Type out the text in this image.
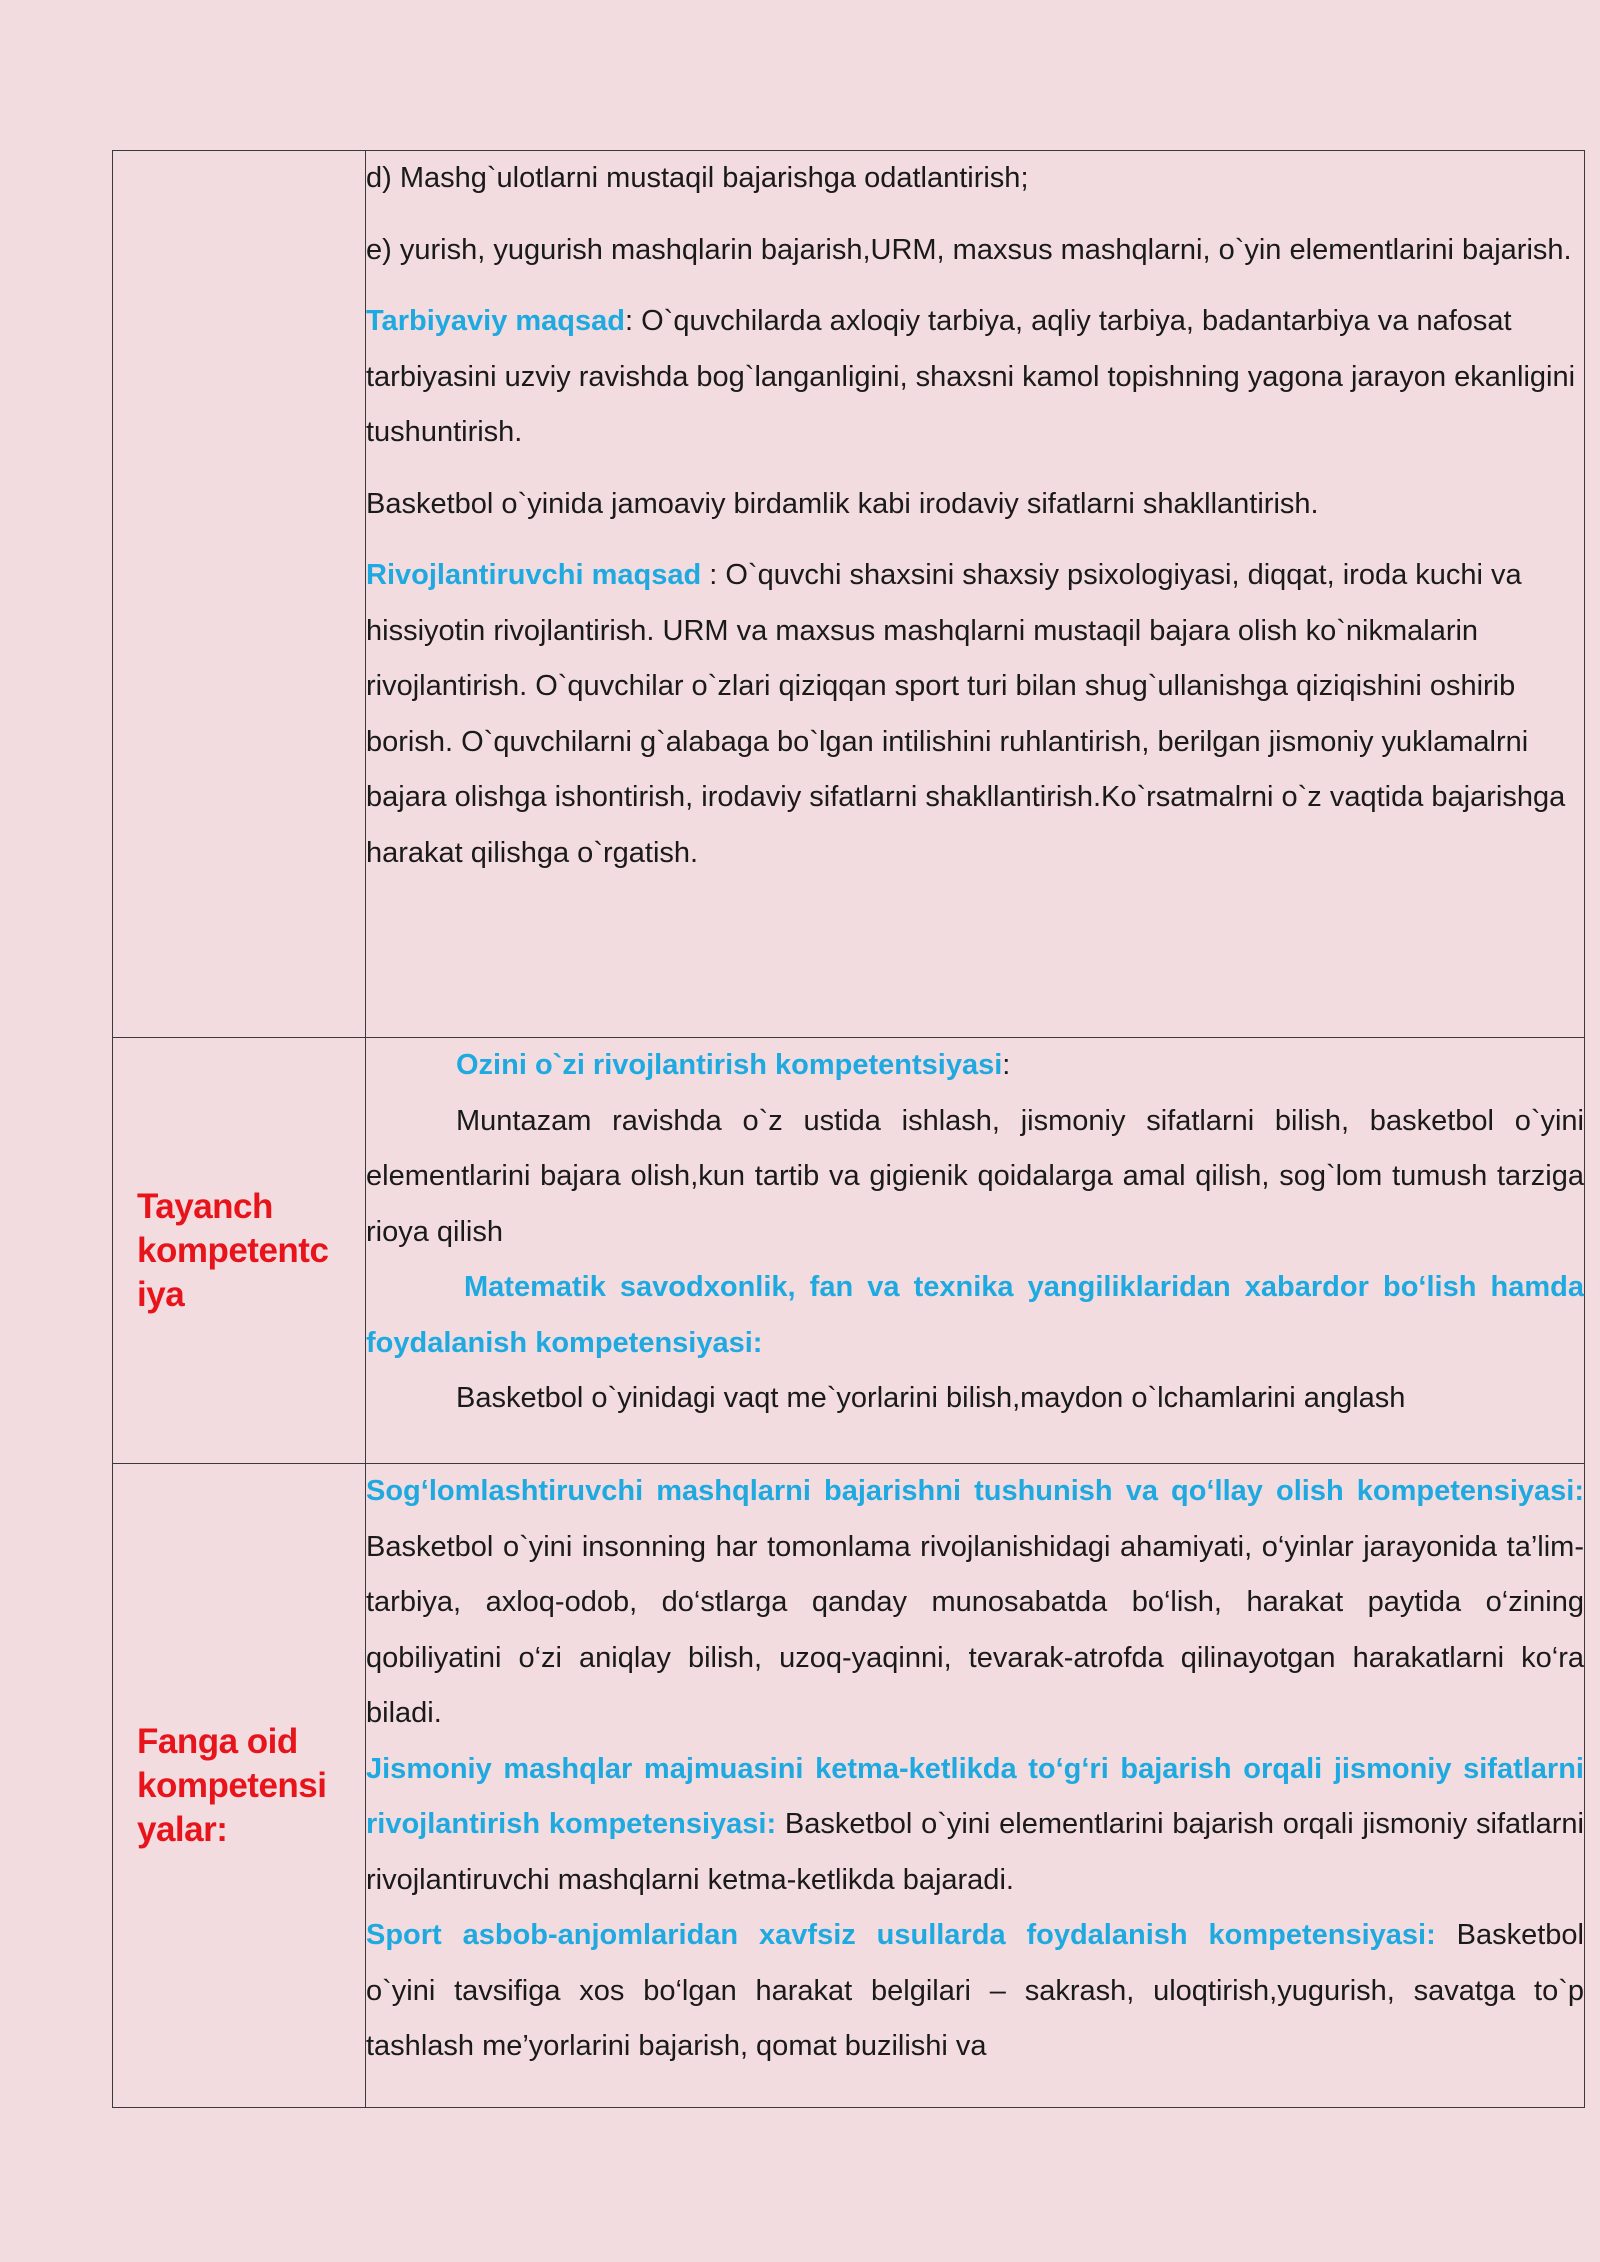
	d) Mashg`ulotlarni mustaqil bajarishga odatlantirish;

e) yurish, yugurish mashqlarin bajarish,URM, maxsus mashqlarni, o`yin elementlarini bajarish.

Tarbiyaviy maqsad: O`quvchilarda axloqiy tarbiya, aqliy tarbiya, badantarbiya va nafosat tarbiyasini uzviy ravishda bog`langanligini, shaxsni kamol topishning yagona jarayon ekanligini tushuntirish.

Basketbol o`yinida jamoaviy birdamlik kabi irodaviy sifatlarni shakllantirish.

Rivojlantiruvchi maqsad : O`quvchi shaxsini shaxsiy psixologiyasi, diqqat, iroda kuchi va hissiyotin rivojlantirish. URM va maxsus mashqlarni mustaqil bajara olish ko`nikmalarin rivojlantirish. O`quvchilar o`zlari qiziqqan sport turi bilan shug`ullanishga qiziqishini oshirib borish. O`quvchilarni g`alabaga bo`lgan intilishini ruhlantirish, berilgan jismoniy yuklamalrni bajara olishga ishontirish, irodaviy sifatlarni shakllantirish.Ko`rsatmalrni o`z vaqtida bajarishga harakat qilishga o`rgatish.

Tayanch kompetentc iya	Ozini o`zi rivojlantirish kompetentsiyasi:

Muntazam ravishda o`z ustida ishlash, jismoniy sifatlarni bilish, basketbol o`yini elementlarini bajara olish,kun tartib va gigienik qoidalarga amal qilish, sog`lom tumush tarziga rioya qilish

Matematik savodxonlik, fan va texnika yangiliklaridan xabardor bo‘lish hamda foydalanish kompetensiyasi:

Basketbol o`yinidagi vaqt me`yorlarini bilish,maydon o`lchamlarini anglash

Fanga oid kompetensi yalar:	Sog‘lomlashtiruvchi mashqlarni bajarishni tushunish va qo‘llay olish kompetensiyasi: Basketbol o`yini insonning har tomonlama rivojlanishidagi ahamiyati, o‘yinlar jarayonida ta’lim-tarbiya, axloq-odob, do‘stlarga qanday munosabatda bo‘lish, harakat paytida o‘zining qobiliyatini o‘zi aniqlay bilish, uzoq-yaqinni, tevarak-atrofda qilinayotgan harakatlarni ko‘ra biladi.

Jismoniy mashqlar majmuasini ketma-ketlikda to‘g‘ri bajarish orqali jismoniy sifatlarni rivojlantirish kompetensiyasi: Basketbol o`yini elementlarini bajarish orqali jismoniy sifatlarni rivojlantiruvchi mashqlarni ketma-ketlikda bajaradi.

Sport asbob-anjomlaridan xavfsiz usullarda foydalanish kompetensiyasi: Basketbol o`yini tavsifiga xos bo‘lgan harakat belgilari – sakrash, uloqtirish,yugurish, savatga to`p tashlash me’yorlarini bajarish, qomat buzilishi va
